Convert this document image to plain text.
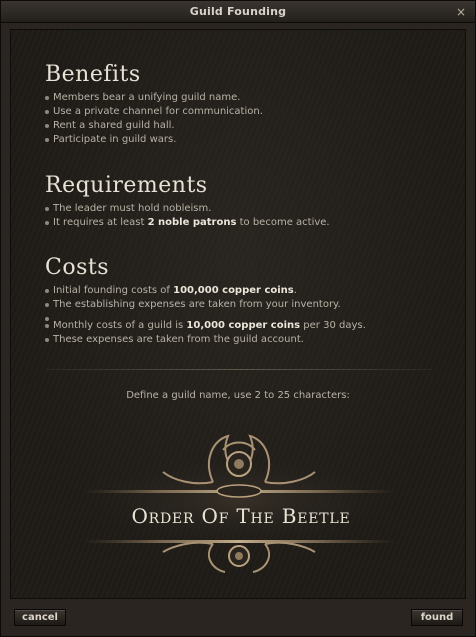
Guild Founding	×
Benefits
Members bear a unifying guild name.
Use a private channel for communication.
Rent a shared guild hall.
Participate in guild wars.
Requirements
The leader must hold nobleism.
It requires at least 2 noble patrons to become active.
Costs
Initial founding costs of 100,000 copper coins.
The establishing expenses are taken from your inventory.
Monthly costs of a guild is 10,000 copper coins per 30 days.
These expenses are taken from the guild account.
Define a guild name, use 2 to 25 characters:
Order Of The Beetle
cancel	found
